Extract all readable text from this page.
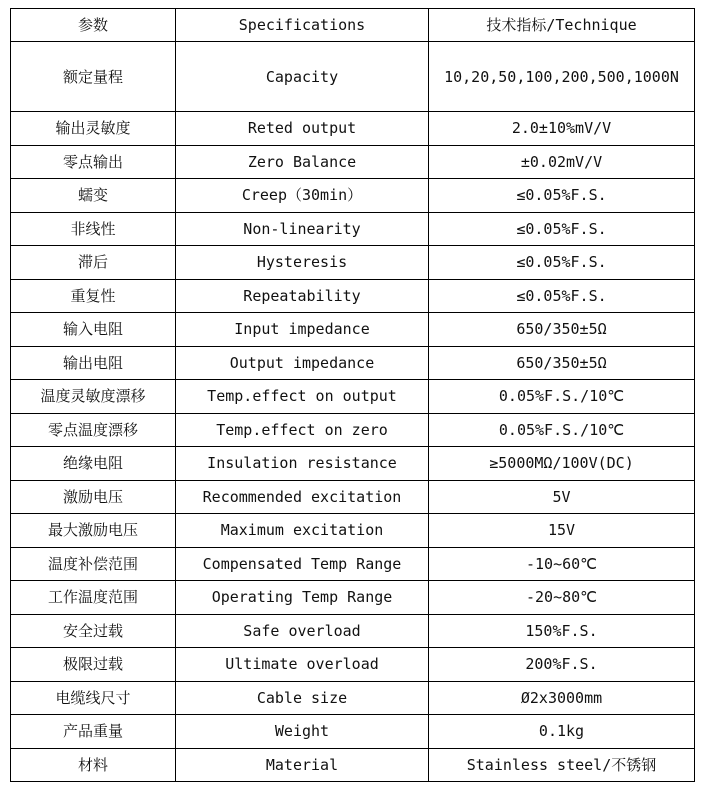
参数	Specifications	技术指标/Technique
额定量程	Capacity	10,20,50,100,200,500,1000N
输出灵敏度	Reted output	2.0±10%mV/V
零点输出	Zero Balance	±0.02mV/V
蠕变	Creep（30min）	≤0.05%F.S.
非线性	Non-linearity	≤0.05%F.S.
滞后	Hysteresis	≤0.05%F.S.
重复性	Repeatability	≤0.05%F.S.
输入电阻	Input impedance	650/350±5Ω
输出电阻	Output impedance	650/350±5Ω
温度灵敏度漂移	Temp.effect on output	0.05%F.S./10℃
零点温度漂移	Temp.effect on zero	0.05%F.S./10℃
绝缘电阻	Insulation resistance	≥5000MΩ/100V(DC)
激励电压	Recommended excitation	5V
最大激励电压	Maximum excitation	15V
温度补偿范围	Compensated Temp Range	-10~60℃
工作温度范围	Operating Temp Range	-20~80℃
安全过载	Safe overload	150%F.S.
极限过载	Ultimate overload	200%F.S.
电缆线尺寸	Cable size	Ø2x3000mm
产品重量	Weight	0.1kg
材料	Material	Stainless steel/不锈钢
